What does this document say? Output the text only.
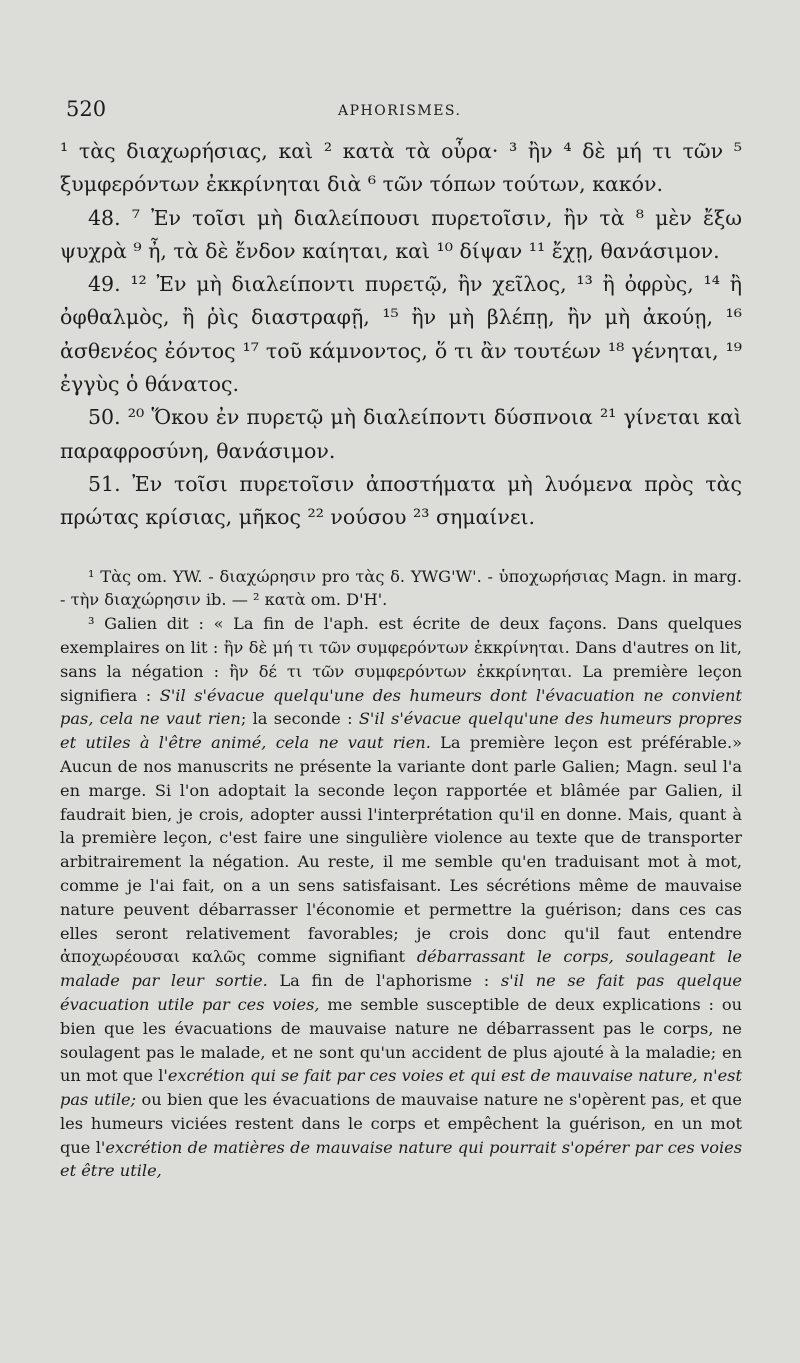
520	APHORISMES.

¹ τὰς διαχωρήσιας, καὶ ² κατὰ τὰ οὖρα· ³ ἢν ⁴ δὲ μή τι τῶν ⁵ ξυμφερόντων ἐκκρίνηται διὰ ⁶ τῶν τόπων τούτων, κακόν.

48. ⁷ Ἐν τοῖσι μὴ διαλείπουσι πυρετοῖσιν, ἢν τὰ ⁸ μὲν ἔξω ψυχρὰ ⁹ ἦ, τὰ δὲ ἔνδον καίηται, καὶ ¹⁰ δίψαν ¹¹ ἔχῃ, θανάσιμον.

49. ¹² Ἐν μὴ διαλείποντι πυρετῷ, ἢν χεῖλος, ¹³ ἢ ὀφρὺς, ¹⁴ ἢ ὀφθαλμὸς, ἢ ῥὶς διαστραφῇ, ¹⁵ ἢν μὴ βλέπῃ, ἢν μὴ ἀκούῃ, ¹⁶ ἀσθενέος ἐόντος ¹⁷ τοῦ κάμνοντος, ὅ τι ἂν τουτέων ¹⁸ γένηται, ¹⁹ ἐγγὺς ὁ θάνατος.

50. ²⁰ Ὅκου ἐν πυρετῷ μὴ διαλείποντι δύσπνοια ²¹ γίνεται καὶ παραφροσύνη, θανάσιμον.

51. Ἐν τοῖσι πυρετοῖσιν ἀποστήματα μὴ λυόμενα πρὸς τὰς πρώτας κρίσιας, μῆκος ²² νούσου ²³ σημαίνει.

¹ Τὰς om. YW. - διαχώρησιν pro τὰς δ. YWG'W'. - ὑποχωρήσιας Magn. in marg. - τὴν διαχώρησιν ib. — ² κατὰ om. D'H'.

³ Galien dit : « La fin de l'aph. est écrite de deux façons. Dans quelques exemplaires on lit : ἢν δὲ μή τι τῶν συμφερόντων ἐκκρίνηται. Dans d'autres on lit, sans la négation : ἢν δέ τι τῶν συμφερόντων ἐκκρίνηται. La première leçon signifiera : S'il s'évacue quelqu'une des humeurs dont l'évacuation ne convient pas, cela ne vaut rien; la seconde : S'il s'évacue quelqu'une des humeurs propres et utiles à l'être animé, cela ne vaut rien. La première leçon est préférable.» Aucun de nos manuscrits ne présente la variante dont parle Galien; Magn. seul l'a en marge. Si l'on adoptait la seconde leçon rapportée et blâmée par Galien, il faudrait bien, je crois, adopter aussi l'interprétation qu'il en donne. Mais, quant à la première leçon, c'est faire une singulière violence au texte que de transporter arbitrairement la négation. Au reste, il me semble qu'en traduisant mot à mot, comme je l'ai fait, on a un sens satisfaisant. Les sécrétions même de mauvaise nature peuvent débarrasser l'économie et permettre la guérison; dans ces cas elles seront relativement favorables; je crois donc qu'il faut entendre ἀποχωρέουσαι καλῶς comme signifiant débarrassant le corps, soulageant le malade par leur sortie. La fin de l'aphorisme : s'il ne se fait pas quelque évacuation utile par ces voies, me semble susceptible de deux explications : ou bien que les évacuations de mauvaise nature ne débarrassent pas le corps, ne soulagent pas le malade, et ne sont qu'un accident de plus ajouté à la maladie; en un mot que l'excrétion qui se fait par ces voies et qui est de mauvaise nature, n'est pas utile; ou bien que les évacuations de mauvaise nature ne s'opèrent pas, et que les humeurs viciées restent dans le corps et empêchent la guérison, en un mot que l'excrétion de matières de mauvaise nature qui pourrait s'opérer par ces voies et être utile,
